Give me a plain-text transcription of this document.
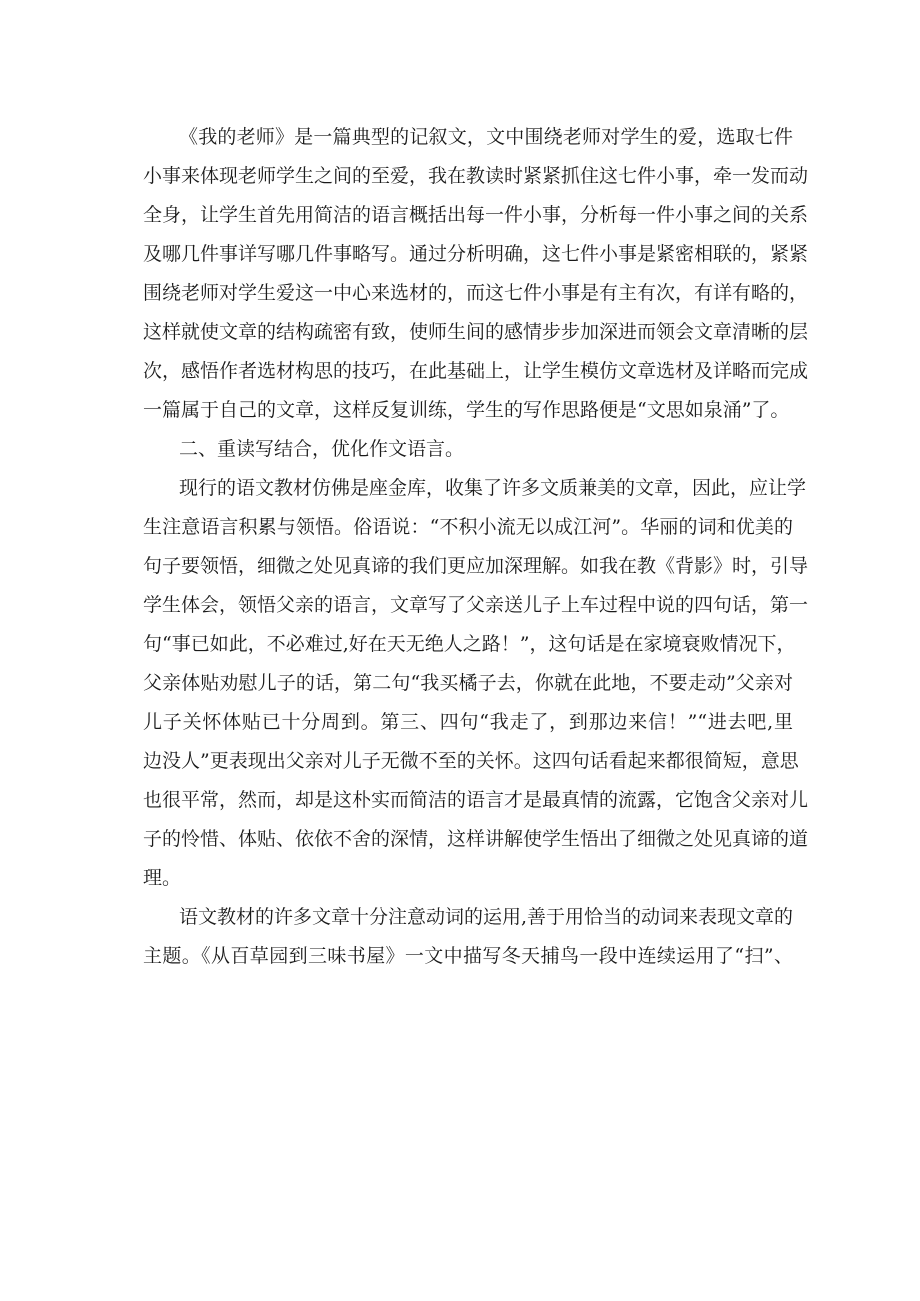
《我的老师》是一篇典型的记叙文，文中围绕老师对学生的爱，选取七件
小事来体现老师学生之间的至爱，我在教读时紧紧抓住这七件小事，牵一发而动
全身，让学生首先用简洁的语言概括出每一件小事，分析每一件小事之间的关系
及哪几件事详写哪几件事略写。通过分析明确，这七件小事是紧密相联的，紧紧
围绕老师对学生爱这一中心来选材的，而这七件小事是有主有次，有详有略的，
这样就使文章的结构疏密有致，使师生间的感情步步加深进而领会文章清晰的层
次，感悟作者选材构思的技巧，在此基础上，让学生模仿文章选材及详略而完成
一篇属于自己的文章，这样反复训练，学生的写作思路便是“文思如泉涌”了。
二、重读写结合，优化作文语言。
现行的语文教材仿佛是座金库，收集了许多文质兼美的文章，因此，应让学
生注意语言积累与领悟。俗语说：“不积小流无以成江河”。华丽的词和优美的
句子要领悟，细微之处见真谛的我们更应加深理解。如我在教《背影》时，引导
学生体会，领悟父亲的语言，文章写了父亲送儿子上车过程中说的四句话，第一
句“事已如此，不必难过,好在天无绝人之路！”，这句话是在家境衰败情况下，
父亲体贴劝慰儿子的话，第二句“我买橘子去，你就在此地，不要走动”父亲对
儿子关怀体贴已十分周到。第三、四句“我走了，到那边来信！”“进去吧,里
边没人”更表现出父亲对儿子无微不至的关怀。这四句话看起来都很简短，意思
也很平常，然而，却是这朴实而简洁的语言才是最真情的流露，它饱含父亲对儿
子的怜惜、体贴、依依不舍的深情，这样讲解使学生悟出了细微之处见真谛的道
理。
语文教材的许多文章十分注意动词的运用,善于用恰当的动词来表现文章的
主题。《从百草园到三味书屋》一文中描写冬天捕鸟一段中连续运用了“扫”、
